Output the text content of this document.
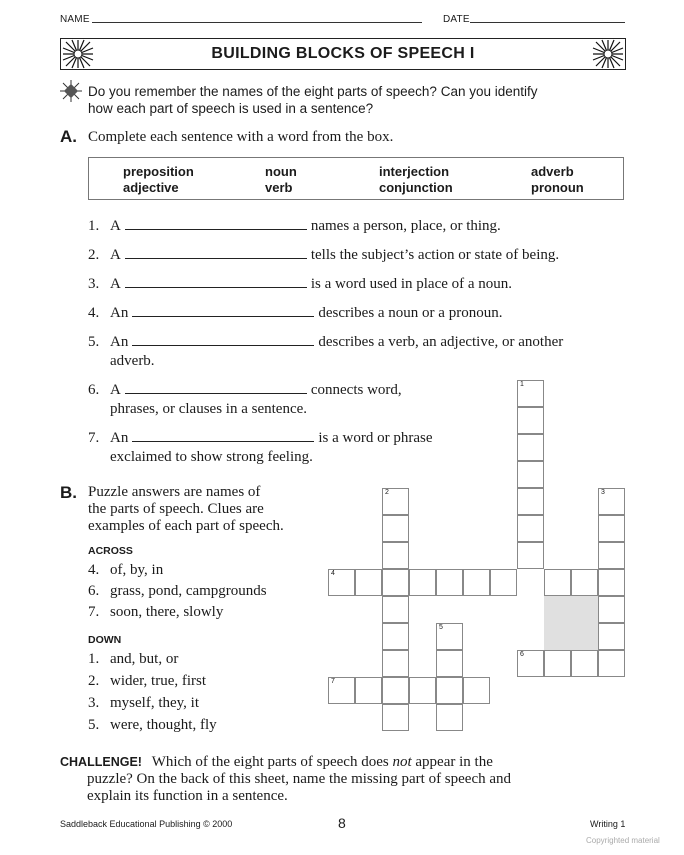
NAME	DATE
BUILDING BLOCKS OF SPEECH I
Do you remember the names of the eight parts of speech? Can you identify
how each part of speech is used in a sentence?
A. Complete each sentence with a word from the box.
preposition	noun	interjection	adverb
adjective	verb	conjunction	pronoun
1. A	names a person, place, or thing.
2. A	tells the subject’s action or state of being.
3. A	is a word used in place of a noun.
4. An	describes a noun or a pronoun.
5. An	describes a verb, an adjective, or another
adverb.
6. A	connects word,
phrases, or clauses in a sentence.
7. An	is a word or phrase
exclaimed to show strong feeling.
B. Puzzle answers are names of
the parts of speech. Clues are
examples of each part of speech.
ACROSS
4. of, by, in
6. grass, pond, campgrounds
7. soon, there, slowly
DOWN
1. and, but, or
2. wider, true, first
3. myself, they, it
5. were, thought, fly
1
2	3
4
5
6
7
CHALLENGE! Which of the eight parts of speech does not appear in the
puzzle? On the back of this sheet, name the missing part of speech and
explain its function in a sentence.
Saddleback Educational Publishing © 2000	8	Writing 1
Copyrighted material
